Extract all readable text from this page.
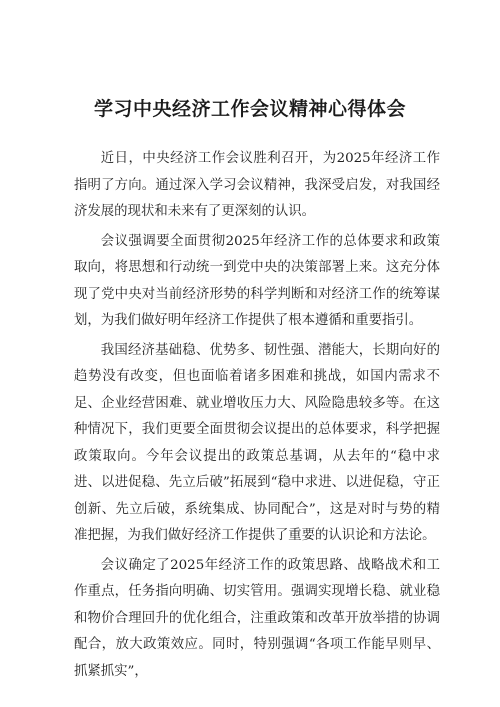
学习中央经济工作会议精神心得体会

近日，中央经济工作会议胜利召开，为2025年经济工作指明了方向。通过深入学习会议精神，我深受启发，对我国经济发展的现状和未来有了更深刻的认识。

会议强调要全面贯彻2025年经济工作的总体要求和政策取向，将思想和行动统一到党中央的决策部署上来。这充分体现了党中央对当前经济形势的科学判断和对经济工作的统筹谋划，为我们做好明年经济工作提供了根本遵循和重要指引。

我国经济基础稳、优势多、韧性强、潜能大，长期向好的趋势没有改变，但也面临着诸多困难和挑战，如国内需求不足、企业经营困难、就业增收压力大、风险隐患较多等。在这种情况下，我们更要全面贯彻会议提出的总体要求，科学把握政策取向。今年会议提出的政策总基调，从去年的“稳中求进、以进促稳、先立后破”拓展到“稳中求进、以进促稳，守正创新、先立后破，系统集成、协同配合”，这是对时与势的精准把握，为我们做好经济工作提供了重要的认识论和方法论。

会议确定了2025年经济工作的政策思路、战略战术和工作重点，任务指向明确、切实管用。强调实现增长稳、就业稳和物价合理回升的优化组合，注重政策和改革开放举措的协调配合，放大政策效应。同时，特别强调“各项工作能早则早、抓紧抓实”，
